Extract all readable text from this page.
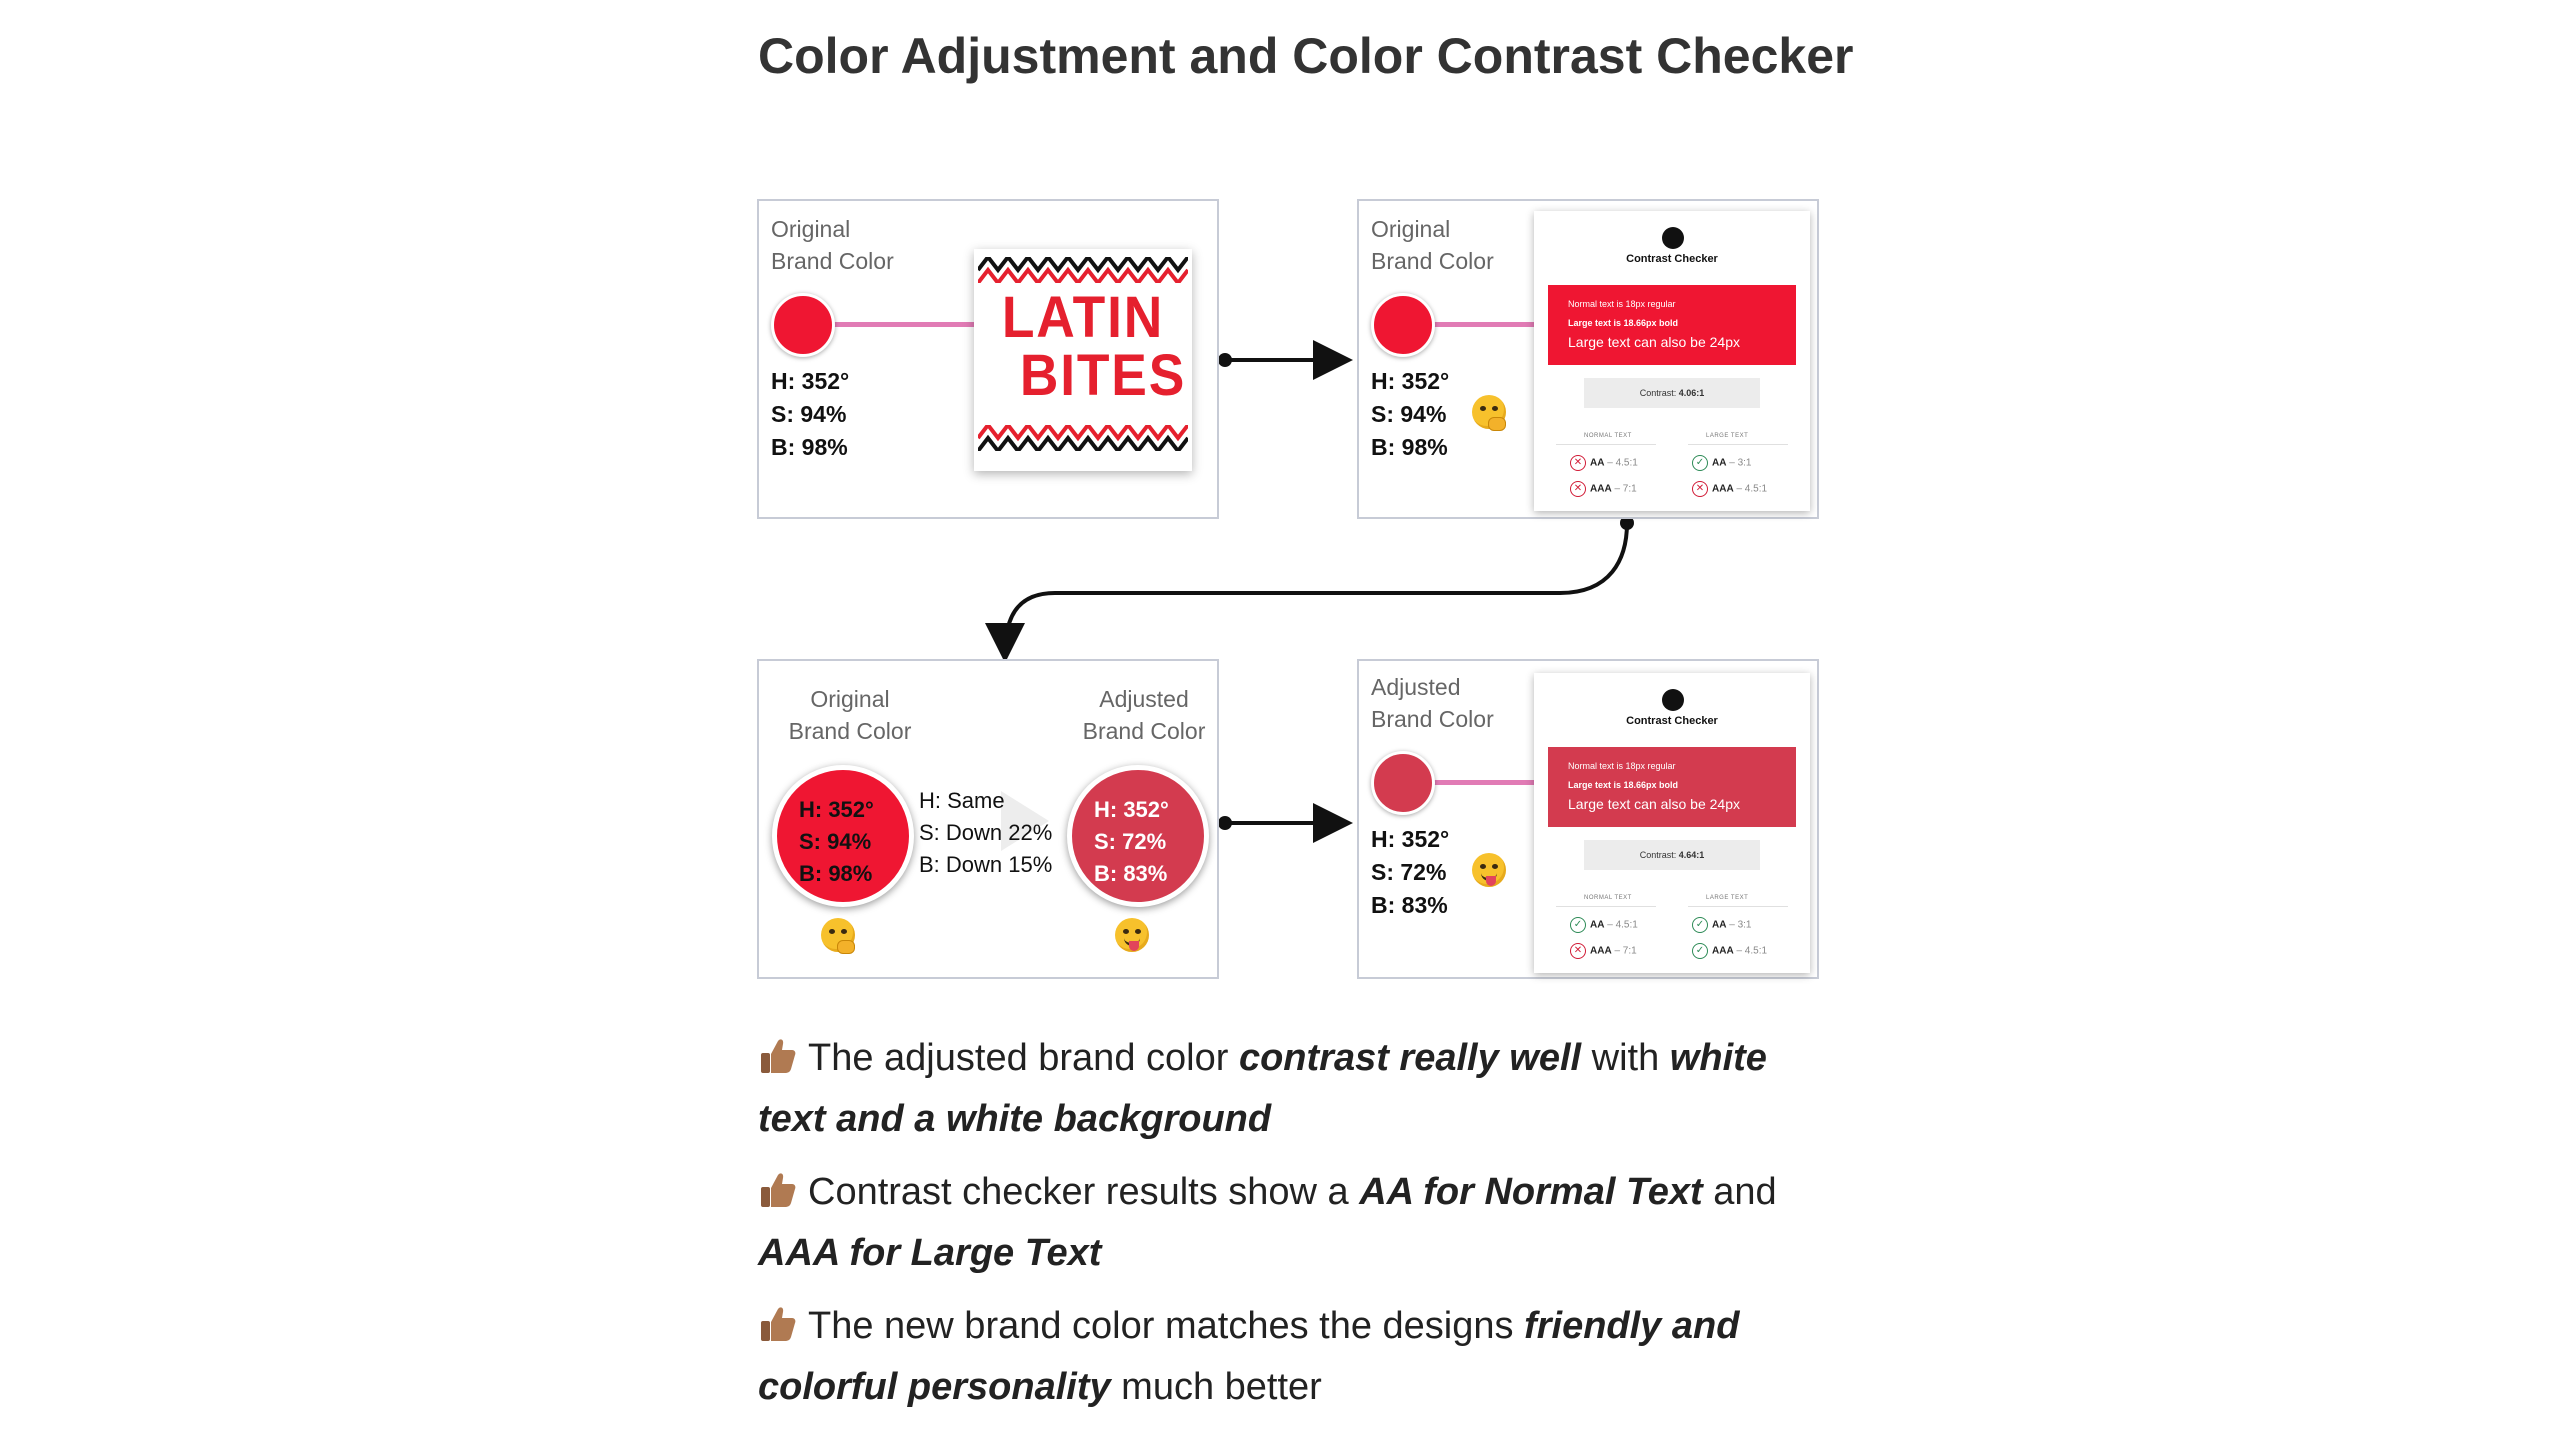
Color Adjustment and Color Contrast Checker
Original
Brand Color
H: 352°
S: 94%
B: 98%
LATIN
BITES
Original
Brand Color
H: 352°
S: 94%
B: 98%
Contrast Checker
Normal text is 18px regular
Large text is 18.66px bold
Large text can also be 24px
Contrast: 4.06:1
NORMAL TEXT	LARGE TEXT
✕ AA – 4.5:1
✕ AAA – 7:1
✓ AA – 3:1
✕ AAA – 4.5:1
Original
Brand Color
Adjusted
Brand Color
H: 352°
S: 94%
B: 98%
H: Same
S: Down 22%
B: Down 15%
H: 352°
S: 72%
B: 83%
Adjusted
Brand Color
H: 352°
S: 72%
B: 83%
Contrast Checker
Normal text is 18px regular
Large text is 18.66px bold
Large text can also be 24px
Contrast: 4.64:1
NORMAL TEXT	LARGE TEXT
✓ AA – 4.5:1
✕ AAA – 7:1
✓ AA – 3:1
✓ AAA – 4.5:1
The adjusted brand color contrast really well with white text and a white background
Contrast checker results show a AA for Normal Text and AAA for Large Text
The new brand color matches the designs friendly and colorful personality much better
